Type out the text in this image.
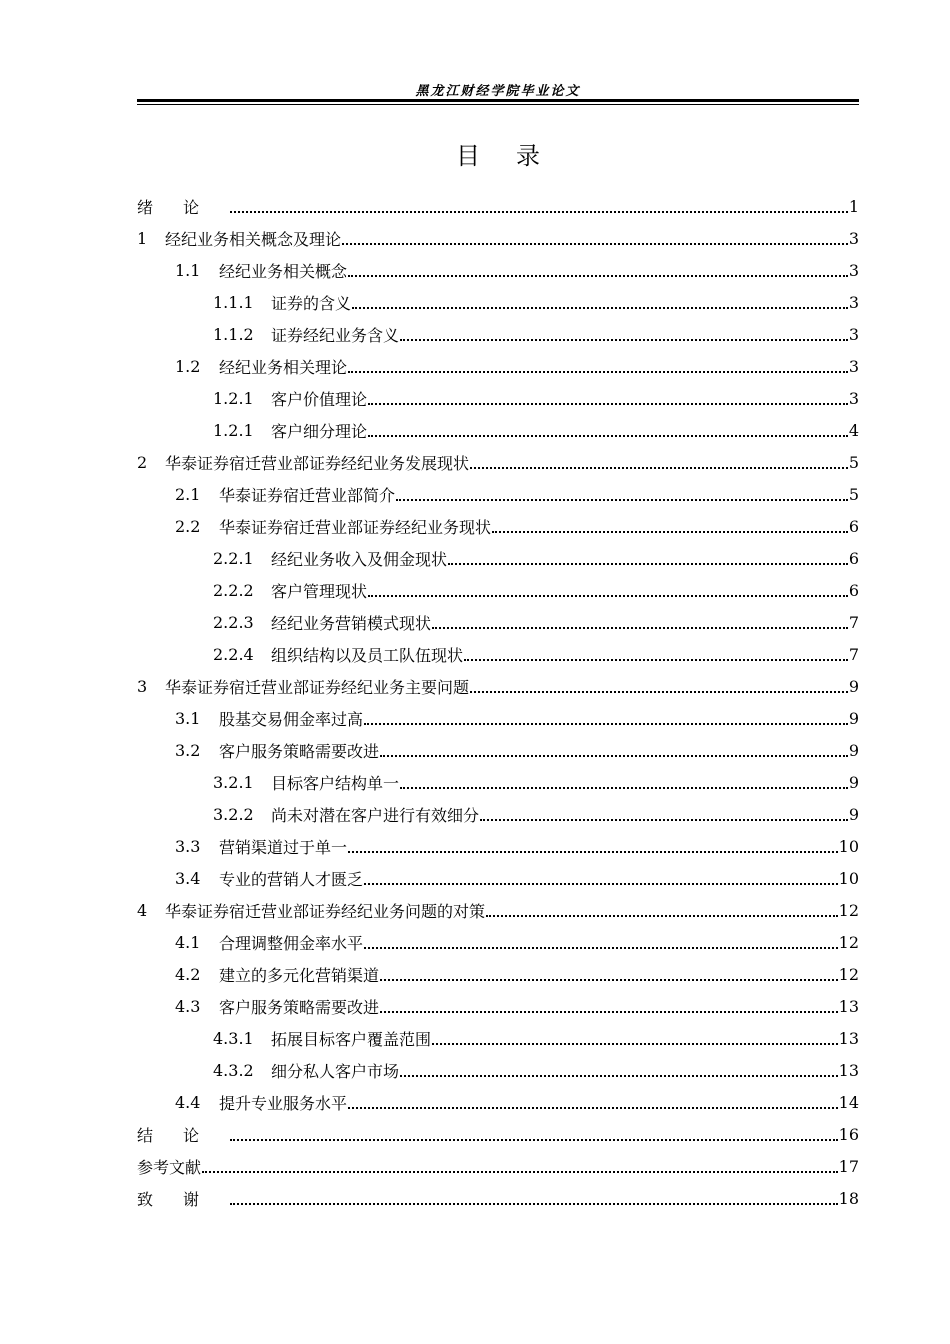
黑龙江财经学院毕业论文
目录
绪论	1
1	经纪业务相关概念及理论	3
1.1	经纪业务相关概念	3
1.1.1	证券的含义	3
1.1.2	证券经纪业务含义	3
1.2	经纪业务相关理论	3
1.2.1	客户价值理论	3
1.2.1	客户细分理论	4
2	华泰证券宿迁营业部证券经纪业务发展现状	5
2.1	华泰证券宿迁营业部简介	5
2.2	华泰证券宿迁营业部证券经纪业务现状	6
2.2.1	经纪业务收入及佣金现状	6
2.2.2	客户管理现状	6
2.2.3	经纪业务营销模式现状	7
2.2.4	组织结构以及员工队伍现状	7
3	华泰证券宿迁营业部证券经纪业务主要问题	9
3.1	股基交易佣金率过高	9
3.2	客户服务策略需要改进	9
3.2.1	目标客户结构单一	9
3.2.2	尚未对潜在客户进行有效细分	9
3.3	营销渠道过于单一	10
3.4	专业的营销人才匮乏	10
4	华泰证券宿迁营业部证券经纪业务问题的对策	12
4.1	合理调整佣金率水平	12
4.2	建立的多元化营销渠道	12
4.3	客户服务策略需要改进	13
4.3.1	拓展目标客户覆盖范围	13
4.3.2	细分私人客户市场	13
4.4	提升专业服务水平	14
结论	16
参考文献	17
致谢	18
